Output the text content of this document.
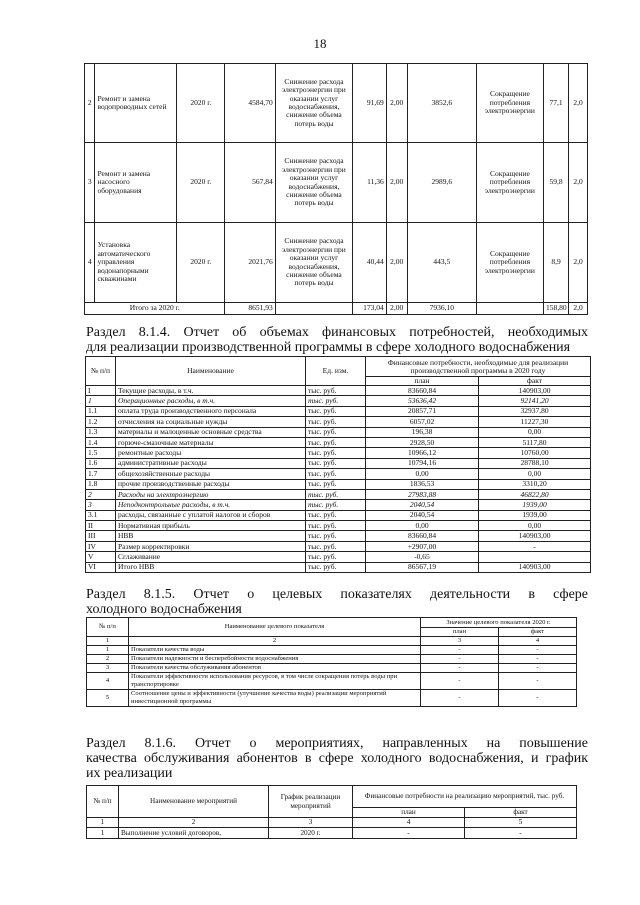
18
2	Ремонт и замена водопроводных сетей	2020 г.	4584,70	Снижение расхода электроэнергии при оказании услуг водоснабжения, снижение объема потерь воды	91,69	2,00	3852,6	Сокращение потребления электроэнергии	77,1	2,0
3	Ремонт и замена насосного оборудования	2020 г.	567,84	Снижение расхода электроэнергии при оказании услуг водоснабжения, снижение объема потерь воды	11,36	2,00	2989,6	Сокращение потребления электроэнергии	59,8	2,0
4	Установка автоматического управления водонапорными скважинами	2020 г.	2021,76	Снижение расхода электроэнергии при оказании услуг водоснабжения, снижение объема потерь воды	40,44	2,00	443,5	Сокращение потребления электроэнергии	8,9	2,0
Итого за 2020 г.			8651,93		173,04	2,00	7936,10		158,80	2,0
Раздел 8.1.4. Отчет об объемах финансовых потребностей, необходимых
для реализации производственной программы в сфере холодного водоснабжения
№ п/п	Наименование	Ед. изм.	Финансовые потребности, необходимые для реализации производственной программы в 2020 году	
			план	факт
I	Текущие расходы, в т.ч.	тыс. руб.	83660,84	140903,00
1	Операционные расходы, в т.ч.	тыс. руб.	53636,42	92141,20
1.1	оплата труда производственного персонала	тыс. руб.	20857,71	32937,80
1.2	отчисления на социальные нужды	тыс. руб.	6057,02	11227,30
1.3	материалы и малоценные основные средства	тыс. руб.	196,38	0,00
1.4	горюче-смазочные материалы	тыс. руб.	2928,50	5117,80
1.5	ремонтные расходы	тыс. руб.	10966,12	10760,00
1.6	административные расходы	тыс. руб.	10794,16	28788,10
1.7	общехозяйственные расходы	тыс. руб.	0,00	0,00
1.8	прочие производственные расходы	тыс. руб.	1836,53	3310,20
2	Расходы на электроэнергию	тыс. руб.	27983,88	46822,80
3	Неподконтрольные расходы, в т.ч.	тыс. руб.	2040,54	1939,00
3.1	расходы, связанные с уплатой налогов и сборов	тыс. руб.	2040,54	1939,00
II	Нормативная прибыль	тыс. руб.	0,00	0,00
III	НВВ	тыс. руб.	83660,84	140903,00
IV	Размер корректировки	тыс. руб.	+2907,00	-
V	Сглаживание	тыс. руб.	-0,65	
VI	Итого НВВ	тыс. руб.	86567,19	140903,00
Раздел 8.1.5. Отчет о целевых показателях деятельности в сфере
холодного водоснабжения
№ п/п	Наименование целевого показателя	Значение целевого показателя 2020 г.	
		план	факт
1	2	3	4
1	Показатели качества воды	-	-
2	Показатели надежности и бесперебойности водоснабжения	-	-
3	Показатели качества обслуживания абонентов	-	-
4	Показатели эффективности использования ресурсов, в том числе сокращения потерь воды при транспортировке	-	-
5	Соотношение цены и эффективности (улучшение качества воды) реализации мероприятий инвестиционной программы	-	-
Раздел 8.1.6. Отчет о мероприятиях, направленных на повышение
качества обслуживания абонентов в сфере холодного водоснабжения, и график
их реализации
№ п/п	Наименование мероприятий	График реализации мероприятий	Финансовые потребности на реализацию мероприятий, тыс. руб.	
			план	факт
1	2	3	4	5
1	Выполнение условий договоров,	2020 г.	-	-
